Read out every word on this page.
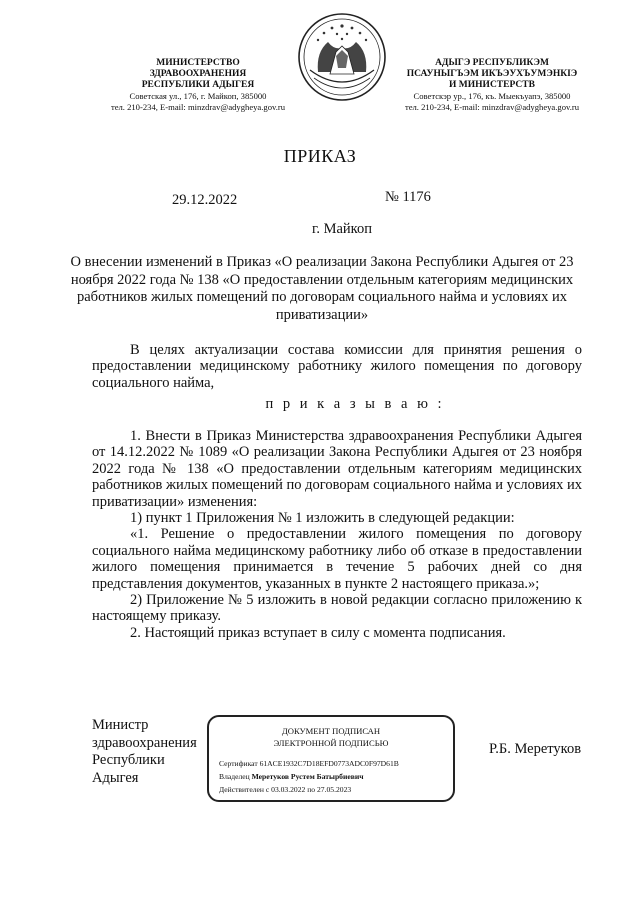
МИНИСТЕРСТВО
ЗДРАВООХРАНЕНИЯ
РЕСПУБЛИКИ АДЫГЕЯ
Советская ул., 176, г. Майкоп, 385000
тел. 210-234, E-mail: minzdrav@adygheya.gov.ru
АДЫГЭ РЕСПУБЛИКЭМ
ПСАУНЫГЪЭМ ИКЪЭУХЪУМЭНКIЭ
И МИНИСТЕРСТВ
Советскэр ур., 176, къ. Мыекъуапэ, 385000
тел. 210-234, E-mail: minzdrav@adygheya.gov.ru
ПРИКАЗ
29.12.2022	№ 1176
г. Майкоп
О внесении изменений в Приказ «О реализации Закона Республики Адыгея от 23 ноября 2022 года № 138 «О предоставлении отдельным категориям медицинских работников жилых помещений по договорам социального найма и условиях их приватизации»

В целях актуализации состава комиссии для принятия решения о предоставлении медицинскому работнику жилого помещения по договору социального найма,

п р и к а з ы в а ю :

1. Внести в Приказ Министерства здравоохранения Республики Адыгея от 14.12.2022 № 1089 «О реализации Закона Республики Адыгея от 23 ноября 2022 года № 138 «О предоставлении отдельным категориям медицинских работников жилых помещений по договорам социального найма и условиях их приватизации» изменения:

1) пункт 1 Приложения № 1 изложить в следующей редакции:

«1. Решение о предоставлении жилого помещения по договору социального найма медицинскому работнику либо об отказе в предоставлении жилого помещения принимается в течение 5 рабочих дней со дня представления документов, указанных в пункте 2 настоящего приказа.»;

2) Приложение № 5 изложить в новой редакции согласно приложению к настоящему приказу.

2. Настоящий приказ вступает в силу с момента подписания.

Министр
здравоохранения
Республики
Адыгея
ДОКУМЕНТ ПОДПИСАН
ЭЛЕКТРОННОЙ ПОДПИСЬЮ
Сертификат 61ACE1932C7D18EFD0773ADC0F97D61B
Владелец Меретуков Рустем Батырбиевич
Действителен с 03.03.2022 по 27.05.2023
Р.Б. Меретуков
